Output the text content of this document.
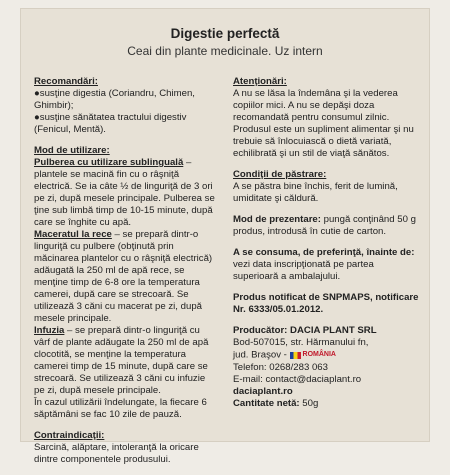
Digestie perfectă
Ceai din plante medicinale. Uz intern
Recomandări:
● susţine digestia (Coriandru, Chimen, Ghimbir);
● susţine sănătatea tractului digestiv (Fenicul, Mentă).
Mod de utilizare:
Pulberea cu utilizare sublinguală – plantele se macină fin cu o râşniţă electrică. Se ia câte ½ de linguriţă de 3 ori pe zi, după mesele principale. Pulberea se ţine sub limbă timp de 10-15 minute, după care se înghite cu apă.
Maceratul la rece – se prepară dintr-o linguriţă cu pulbere (obţinută prin măcinarea plantelor cu o râşniţă electrică) adăugată la 250 ml de apă rece, se menţine timp de 6-8 ore la temperatura camerei, după care se strecoară. Se utilizează 3 căni cu macerat pe zi, după mesele principale.
Infuzia – se prepară dintr-o linguriţă cu vârf de plante adăugate la 250 ml de apă clocotită, se menţine la temperatura camerei timp de 15 minute, după care se strecoară. Se utilizează 3 căni cu infuzie pe zi, după mesele principale.
În cazul utilizării îndelungate, la fiecare 6 săptămâni se fac 10 zile de pauză.
Contraindicaţii:
Sarcină, alăptare, intoleranţă la oricare dintre componentele produsului.
Atenţionări:
A nu se lăsa la îndemâna şi la vederea copiilor mici. A nu se depăşi doza recomandată pentru consumul zilnic. Produsul este un supliment alimentar şi nu trebuie să înlocuiască o dietă variată, echilibrată şi un stil de viaţă sănătos.
Condiţii de păstrare:
A se păstra bine închis, ferit de lumină, umiditate şi căldură.
Mod de prezentare: pungă conţinând 50 g produs, introdusă în cutie de carton.
A se consuma, de preferinţă, înainte de: vezi data inscripţionată pe partea superioară a ambalajului.
Produs notificat de SNPMAPS, notificare Nr. 6333/05.01.2012.
Producător: DACIA PLANT SRL
Bod-507015, str. Hărmanului fn,
jud. Braşov - ROMÂNIA
Telefon: 0268/283 063
E-mail: contact@daciaplant.ro
daciaplant.ro
Cantitate netă: 50g
